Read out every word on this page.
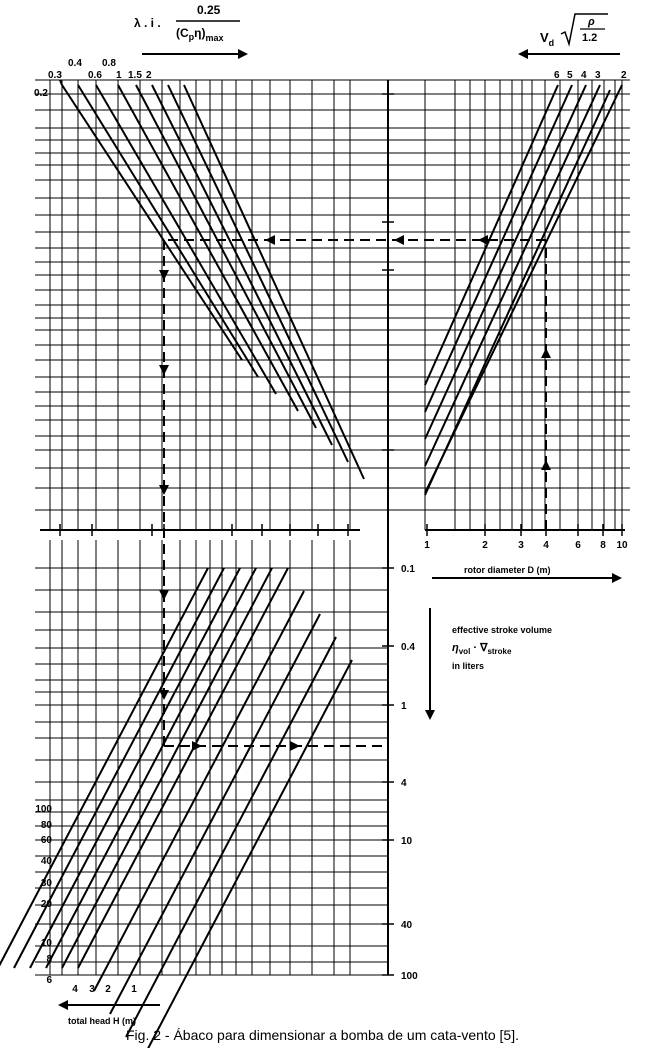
λ . i .
0.25
$(C_p\eta)_{max}$	$V_d$
ρ
1.2
0.3
0.4
0.6
0.8
1 1.5 2
0.2
6 5 4 3 2
1	2	3 4	6 8 10
rotor diameter D (m)
0.1
0.4
1
4
10
40
100
effective stroke volume
$\eta_{vol} \cdot \nabla_{stroke}$
in liters
100
80
60
40
30
20
10
8
6
4 3 2 1
total head H (m)
Fig. 2 - Ábaco para dimensionar a bomba de um cata-vento [5].
